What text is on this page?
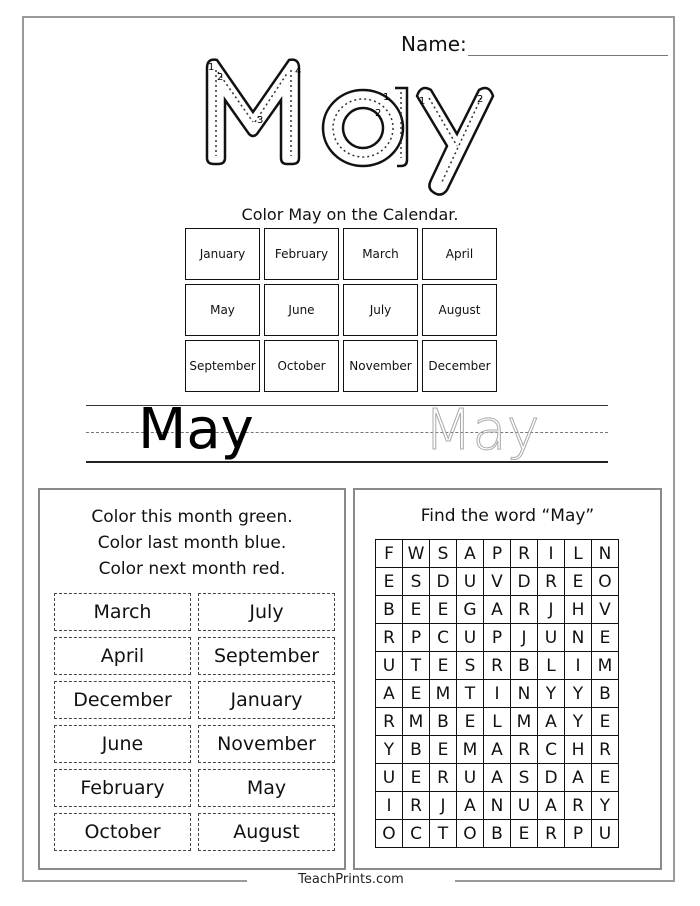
TeachPrints.com
Name:
1
2
3
4
1
2
1	2
Color May on the Calendar.
January	February	March	April
May	June	July	August
September	October	November	December
May	May
Color this month green.
Color last month blue.
Color next month red.
March	July
April	September
December	January
June	November
February	May
October	August
Find the word “May”
F	W	S	A	P	R	I	L	N
E	S	D	U	V	D	R	E	O
B	E	E	G	A	R	J	H	V
R	P	C	U	P	J	U	N	E
U	T	E	S	R	B	L	I	M
A	E	M	T	I	N	Y	Y	B
R	M	B	E	L	M	A	Y	E
Y	B	E	M	A	R	C	H	R
U	E	R	U	A	S	D	A	E
I	R	J	A	N	U	A	R	Y
O	C	T	O	B	E	R	P	U
